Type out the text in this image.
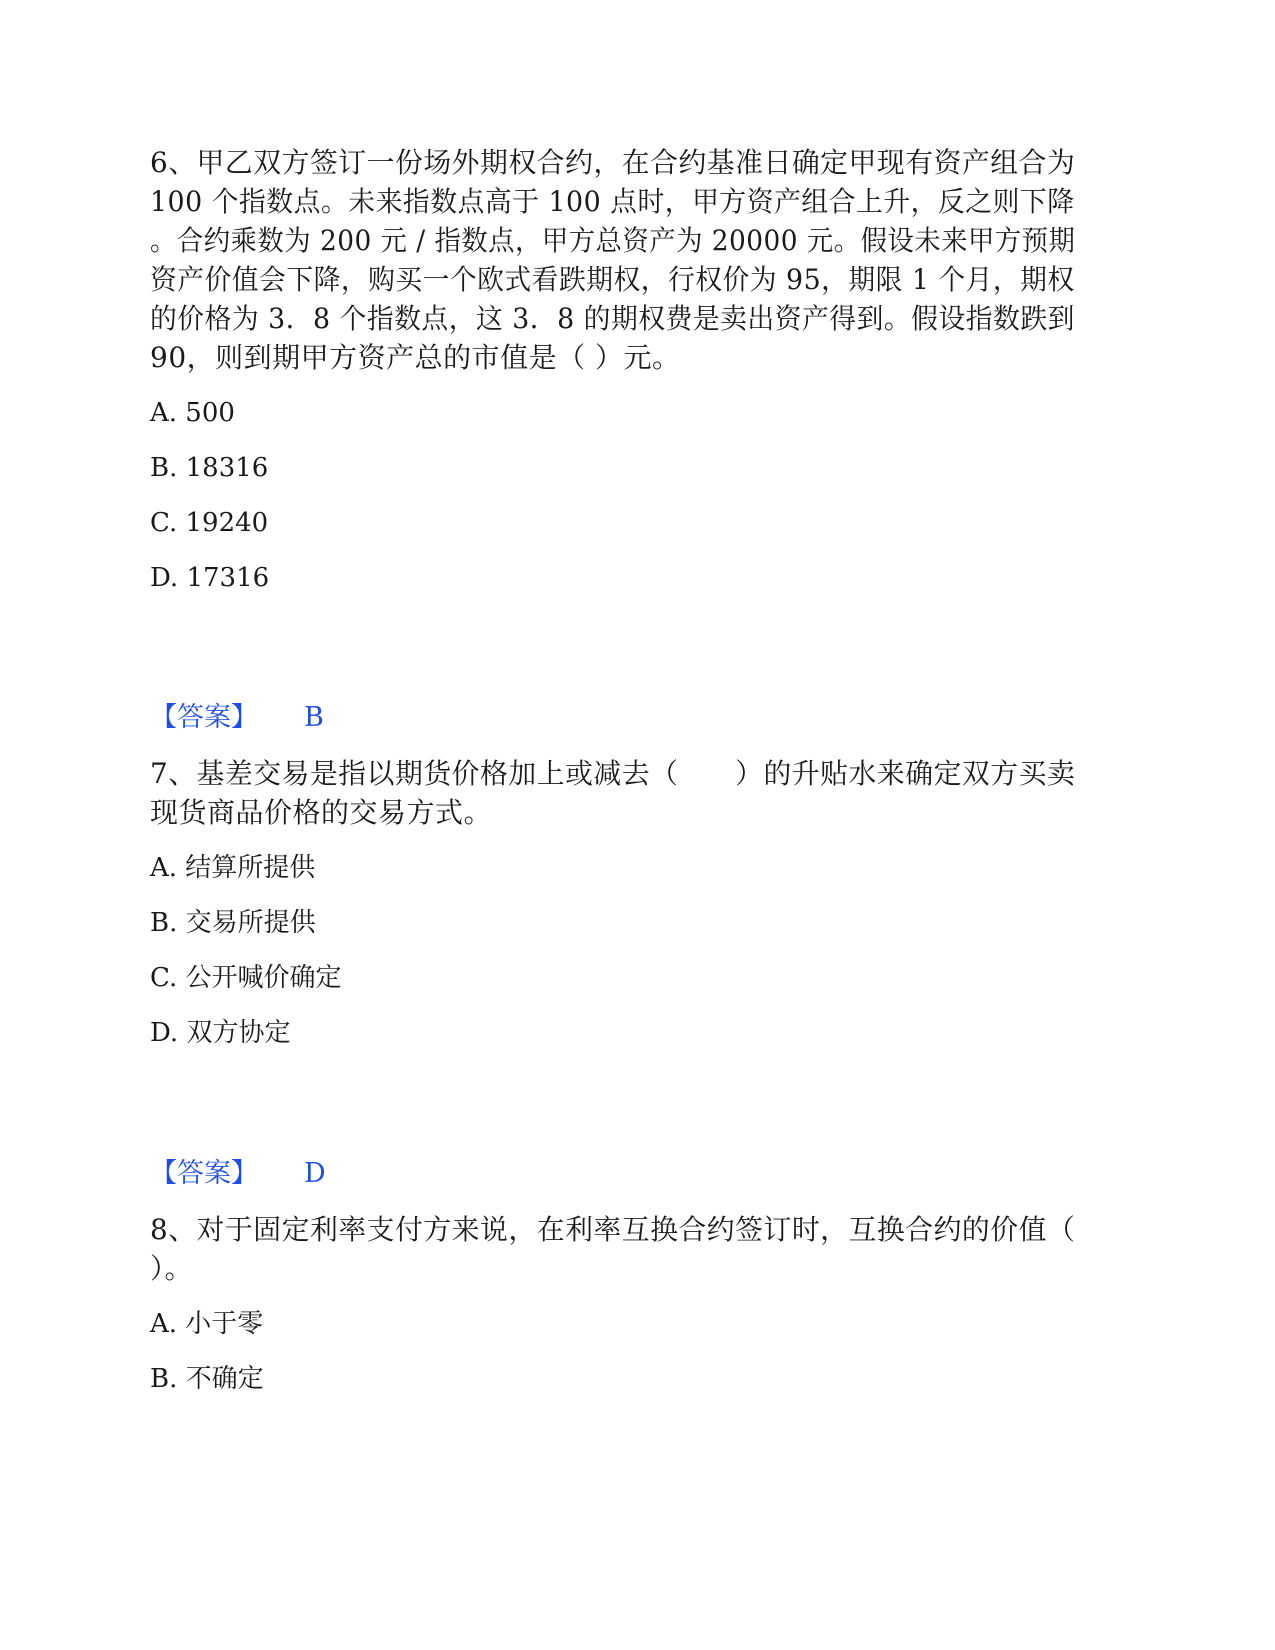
6、甲乙双方签订一份场外期权合约，在合约基准日确定甲现有资产组合为
100 个指数点。未来指数点高于 100 点时，甲方资产组合上升，反之则下降
。合约乘数为 200 元 / 指数点，甲方总资产为 20000 元。假设未来甲方预期
资产价值会下降，购买一个欧式看跌期权，行权价为 95，期限 1 个月，期权
的价格为 3．8 个指数点，这 3．8 的期权费是卖出资产得到。假设指数跌到
90，则到期甲方资产总的市值是（ ）元。
A. 500
B. 18316
C. 19240
D. 17316
【答案】 B
7、基差交易是指以期货价格加上或减去（　　）的升贴水来确定双方买卖
现货商品价格的交易方式。
A. 结算所提供
B. 交易所提供
C. 公开喊价确定
D. 双方协定
【答案】 D
8、对于固定利率支付方来说，在利率互换合约签订时，互换合约的价值（
）。
A. 小于零
B. 不确定
